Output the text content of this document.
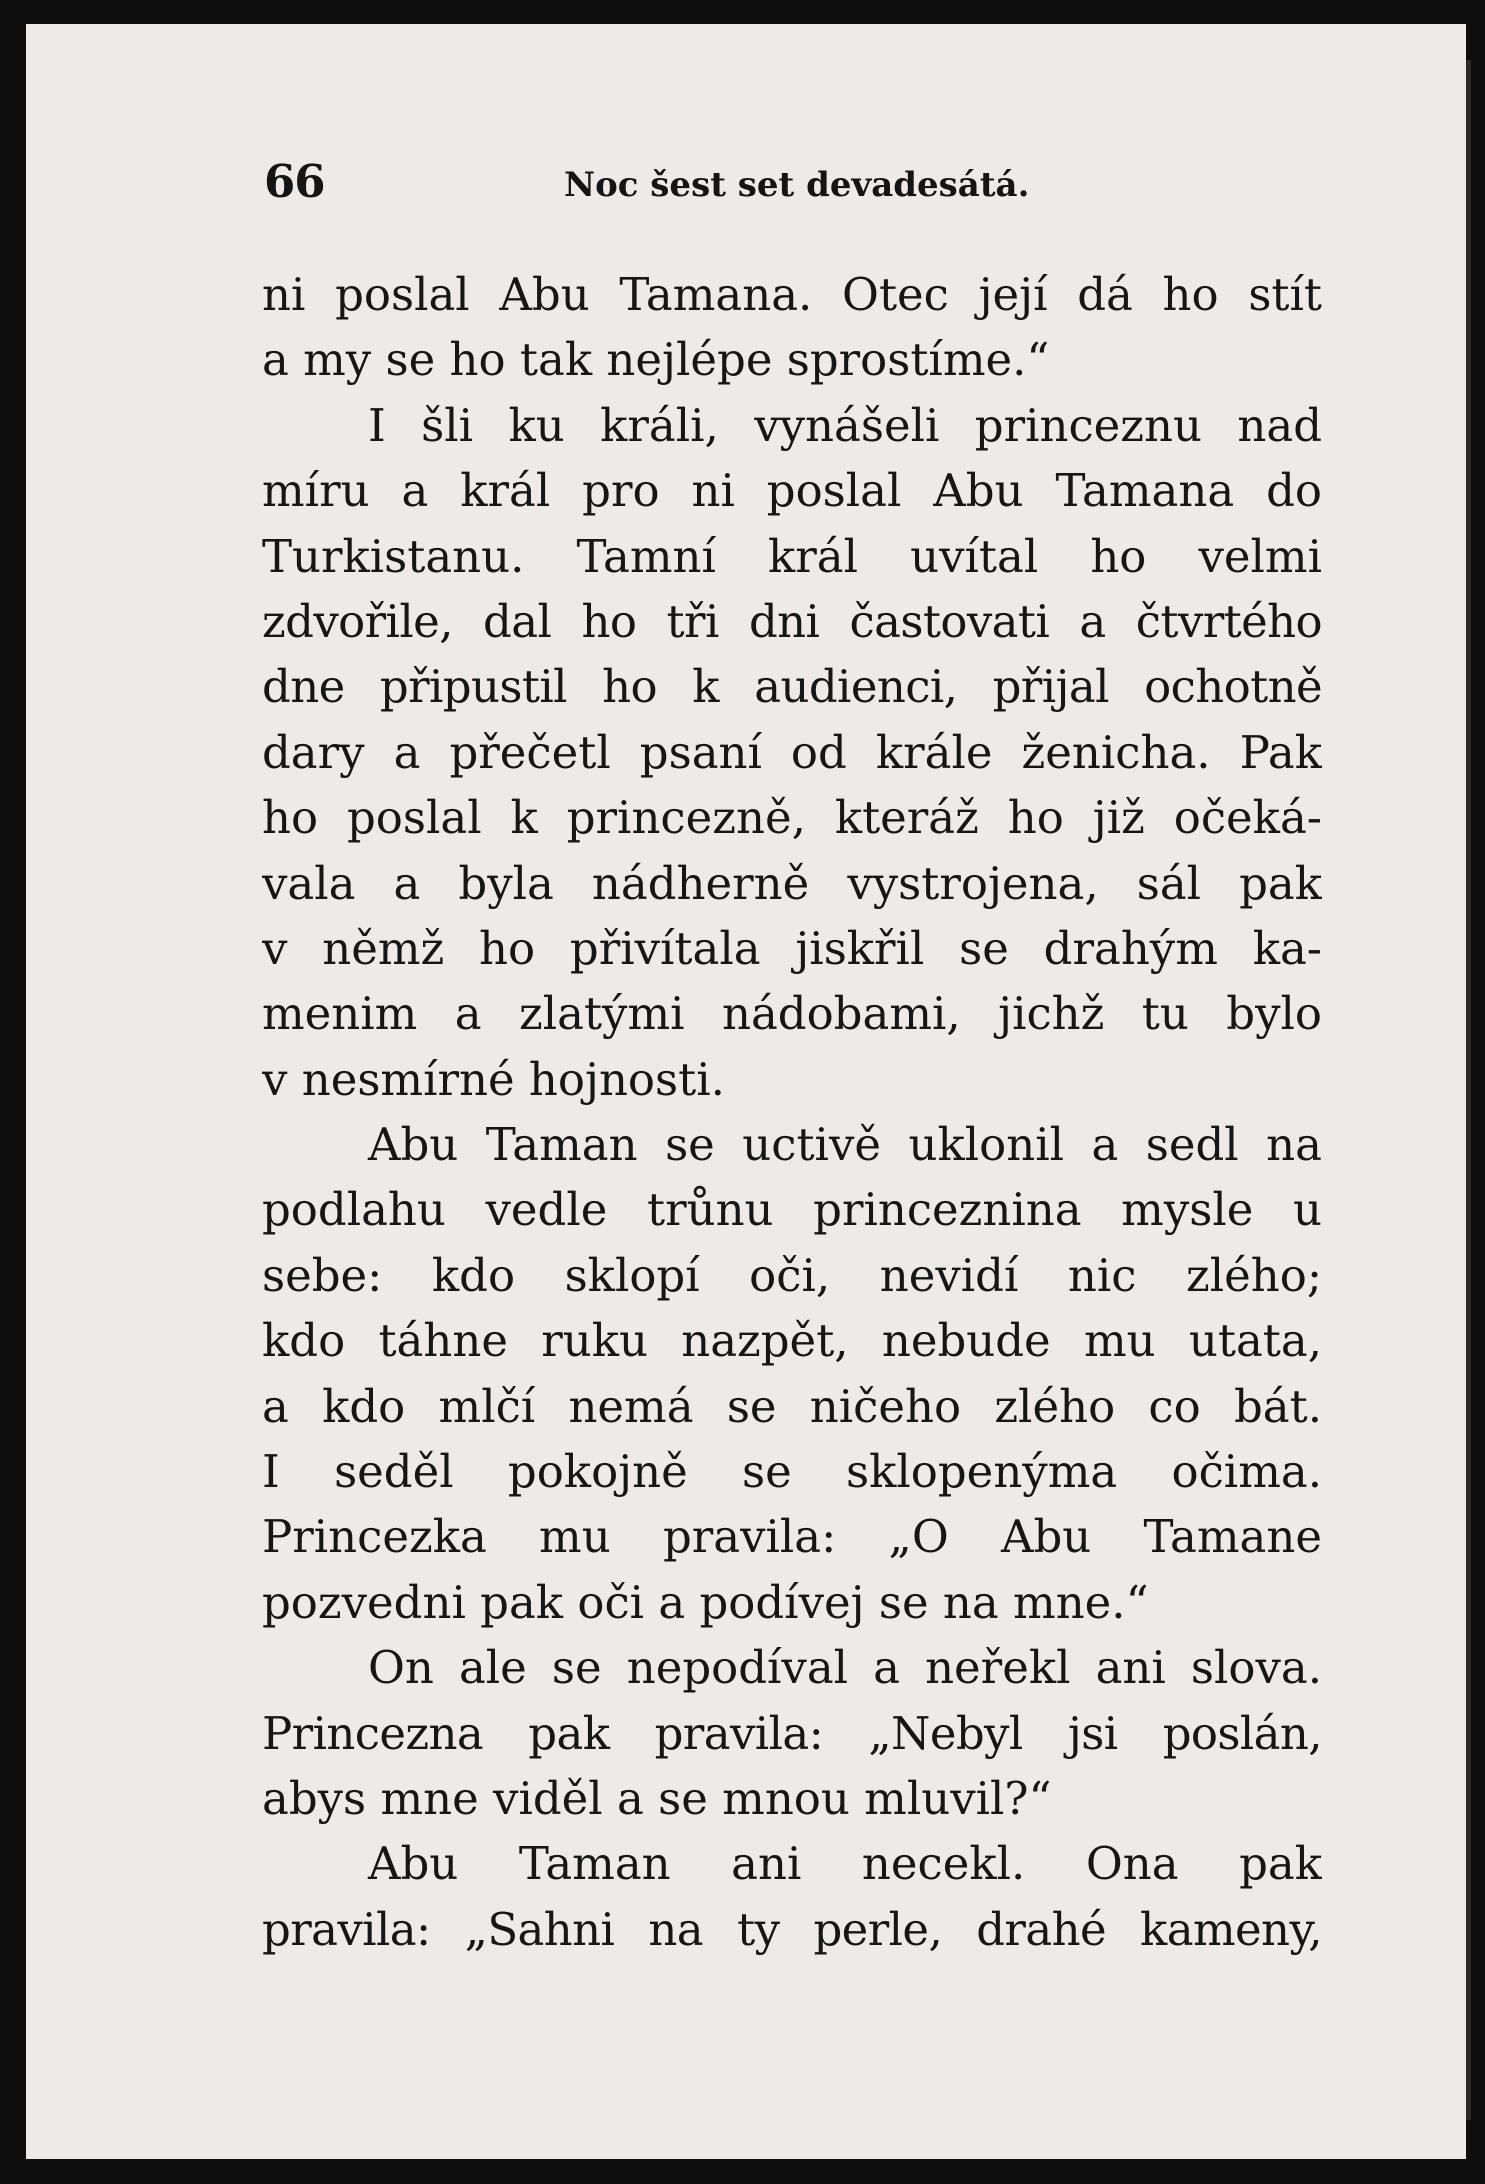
66	Noc šest set devadesátá.
ni poslal Abu Tamana. Otec její dá ho stít
a my se ho tak nejlépe sprostíme.“
I šli ku králi, vynášeli princeznu nad
míru a král pro ni poslal Abu Tamana do
Turkistanu. Tamní král uvítal ho velmi
zdvořile, dal ho tři dni častovati a čtvrtého
dne připustil ho k audienci, přijal ochotně
dary a přečetl psaní od krále ženicha. Pak
ho poslal k princezně, kteráž ho již očeká-
vala a byla nádherně vystrojena, sál pak
v němž ho přivítala jiskřil se drahým ka-
menim a zlatými nádobami, jichž tu bylo
v nesmírné hojnosti.
Abu Taman se uctivě uklonil a sedl na
podlahu vedle trůnu princeznina mysle u
sebe: kdo sklopí oči, nevidí nic zlého;
kdo táhne ruku nazpět, nebude mu utata,
a kdo mlčí nemá se ničeho zlého co bát.
I seděl pokojně se sklopenýma očima.
Princezka mu pravila: „O Abu Tamane
pozvedni pak oči a podívej se na mne.“
On ale se nepodíval a neřekl ani slova.
Princezna pak pravila: „Nebyl jsi poslán,
abys mne viděl a se mnou mluvil?“
Abu Taman ani necekl. Ona pak
pravila: „Sahni na ty perle, drahé kameny,
